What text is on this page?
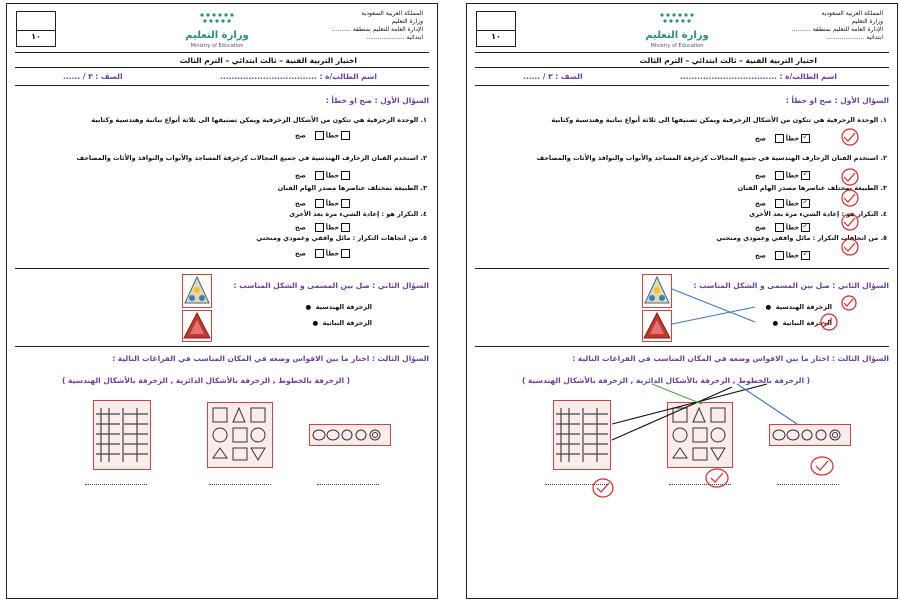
١٠	وزارة التعليم
Ministry of Education
المملكة العربية السعودية
وزارة التعليم
الإدارة العامة للتعليم بمنطقة ..........
ابتدائية ....................
اختبار التربية الفنية – ثالث ابتدائي – الترم الثالث
اسم الطالب/ة : ..................................
الصف : ٣ / ......
السؤال الأول : صح او خطأ :
١. الوحدة الزخرفية هي تتكون من الأشكال الزخرفية ويمكن تصنيفها الى ثلاثة أنواع نباتية وهندسية وكتابية
خطأ   صح
٢. استخدم الفنان الزخارف الهندسية في جميع المجالات كزخرفة المساجد والأبواب والنوافذ والأثاث والمصاحف
خطأ   صح
٣. الطبيعة بمختلف عناصرها مصدر الهام الفنان
خطأ   صح
٤. التكرار هو : إعادة الشيء مرة بعد الأخرى
خطأ   صح
٥. من اتجاهات التكرار : مائل وافقي وعمودي ومنحني
خطأ   صح
السؤال الثاني : صل بين المسمى و الشكل المناسب :
الزخرفة الهندسية  ●
الزخرفة النباتية  ●
السؤال الثالث : اختار ما بين الاقواس وضعه في المكان المناسب في الفراغات التالية :
( الزخرفة بالخطوط , الزخرفة بالأشكال الدائرية , الزخرفة بالأشكال الهندسية )
١٠	وزارة التعليم
Ministry of Education
المملكة العربية السعودية
وزارة التعليم
الإدارة العامة للتعليم بمنطقة ..........
ابتدائية ....................
اختبار التربية الفنية – ثالث ابتدائي – الترم الثالث
اسم الطالب/ة : ..................................
الصف : ٣ / ......
السؤال الأول : صح او خطأ :
١. الوحدة الزخرفية هي تتكون من الأشكال الزخرفية ويمكن تصنيفها الى ثلاثة أنواع نباتية وهندسية وكتابية
خطأ   صح✓
٢. استخدم الفنان الزخارف الهندسية في جميع المجالات كزخرفة المساجد والأبواب والنوافذ والأثاث والمصاحف
خطأ   صح✓
٣. الطبيعة بمختلف عناصرها مصدر الهام الفنان
خطأ   صح✓
٤. التكرار هو : إعادة الشيء مرة بعد الأخرى
خطأ   صح✓
٥. من اتجاهات التكرار : مائل وافقي وعمودي ومنحني
خطأ   صح✓
السؤال الثاني : صل بين المسمى و الشكل المناسب :
الزخرفة الهندسية  ●
الزخرفة النباتية  ●
السؤال الثالث : اختار ما بين الاقواس وضعه في المكان المناسب في الفراغات التالية :
( الزخرفة بالخطوط , الزخرفة بالأشكال الدائرية , الزخرفة بالأشكال الهندسية )
